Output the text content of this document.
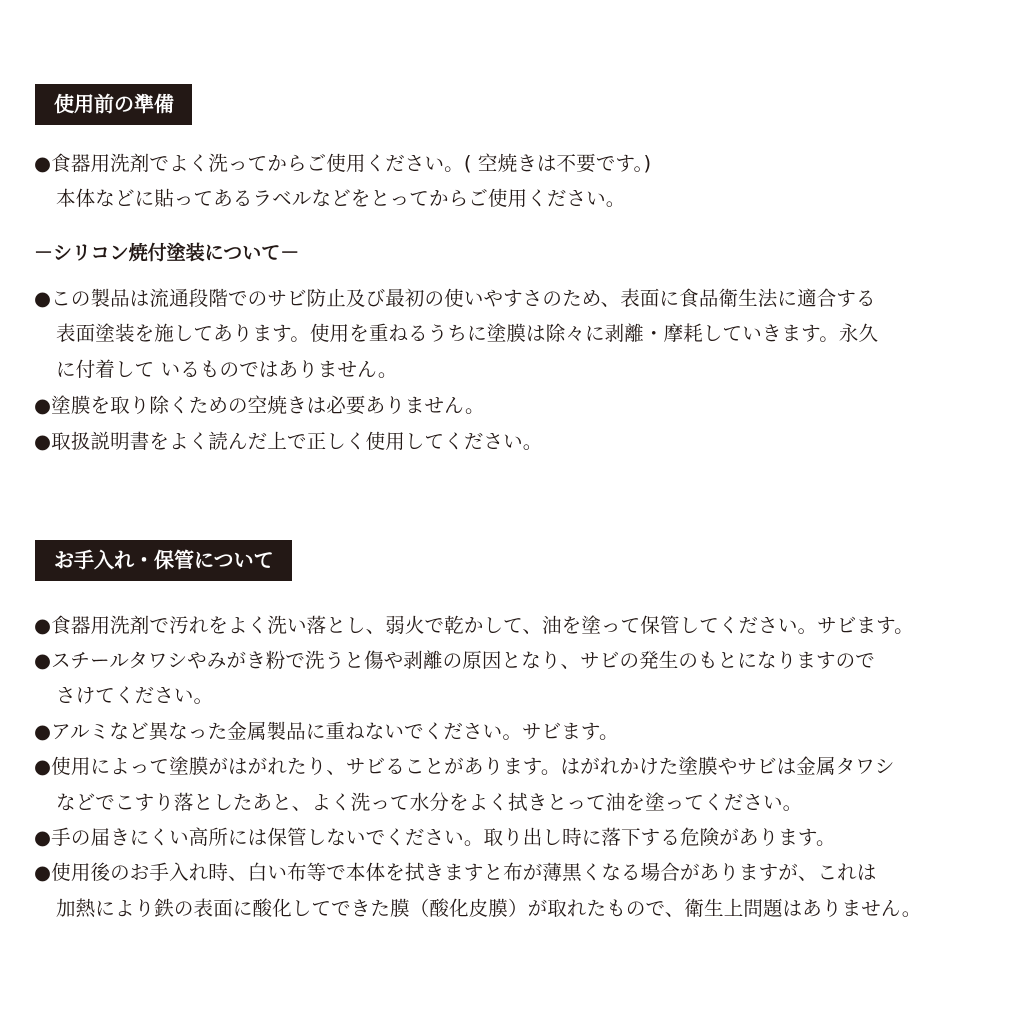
使用前の準備
●食器用洗剤でよく洗ってからご使用ください。( 空焼きは不要です。)
本体などに貼ってあるラベルなどをとってからご使用ください。
－シリコン焼付塗装について－
●この製品は流通段階でのサビ防止及び最初の使いやすさのため、表面に食品衛生法に適合する
表面塗装を施してあります。使用を重ねるうちに塗膜は除々に剥離・摩耗していきます。永久
に付着して いるものではありません。
●塗膜を取り除くための空焼きは必要ありません。
●取扱説明書をよく読んだ上で正しく使用してください。
お手入れ・保管について
●食器用洗剤で汚れをよく洗い落とし、弱火で乾かして、油を塗って保管してください。サビます。
●スチールタワシやみがき粉で洗うと傷や剥離の原因となり、サビの発生のもとになりますので
さけてください。
●アルミなど異なった金属製品に重ねないでください。サビます。
●使用によって塗膜がはがれたり、サビることがあります。はがれかけた塗膜やサビは金属タワシ
などでこすり落としたあと、よく洗って水分をよく拭きとって油を塗ってください。
●手の届きにくい高所には保管しないでください。取り出し時に落下する危険があります。
●使用後のお手入れ時、白い布等で本体を拭きますと布が薄黒くなる場合がありますが、これは
加熱により鉄の表面に酸化してできた膜（酸化皮膜）が取れたもので、衛生上問題はありません。
